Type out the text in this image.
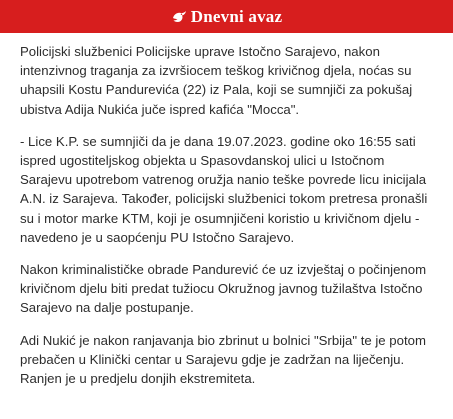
Dnevni avaz

Policijski službenici Policijske uprave Istočno Sarajevo, nakon intenzivnog traganja za izvršiocem teškog krivičnog djela, noćas su uhapsili Kostu Pandurevića (22) iz Pala, koji se sumnjiči za pokušaj ubistva Adija Nukića juče ispred kafića "Mocca".

- Lice K.P. se sumnjiči da je dana 19.07.2023. godine oko 16:55 sati ispred ugostiteljskog objekta u Spasovdanskoj ulici u Istočnom Sarajevu upotrebom vatrenog oružja nanio teške povrede licu inicijala A.N. iz Sarajeva. Također, policijski službenici tokom pretresa pronašli su i motor marke KTM, koji je osumnjičeni koristio u krivičnom djelu - navedeno je u saopćenju PU Istočno Sarajevo.

Nakon kriminalističke obrade Pandurević će uz izvještaj o počinjenom krivičnom djelu biti predat tužiocu Okružnog javnog tužilaštva Istočno Sarajevo na dalje postupanje.

Adi Nukić je nakon ranjavanja bio zbrinut u bolnici "Srbija" te je potom prebačen u Klinički centar u Sarajevu gdje je zadržan na liječenju. Ranjen je u predjelu donjih ekstremiteta.
